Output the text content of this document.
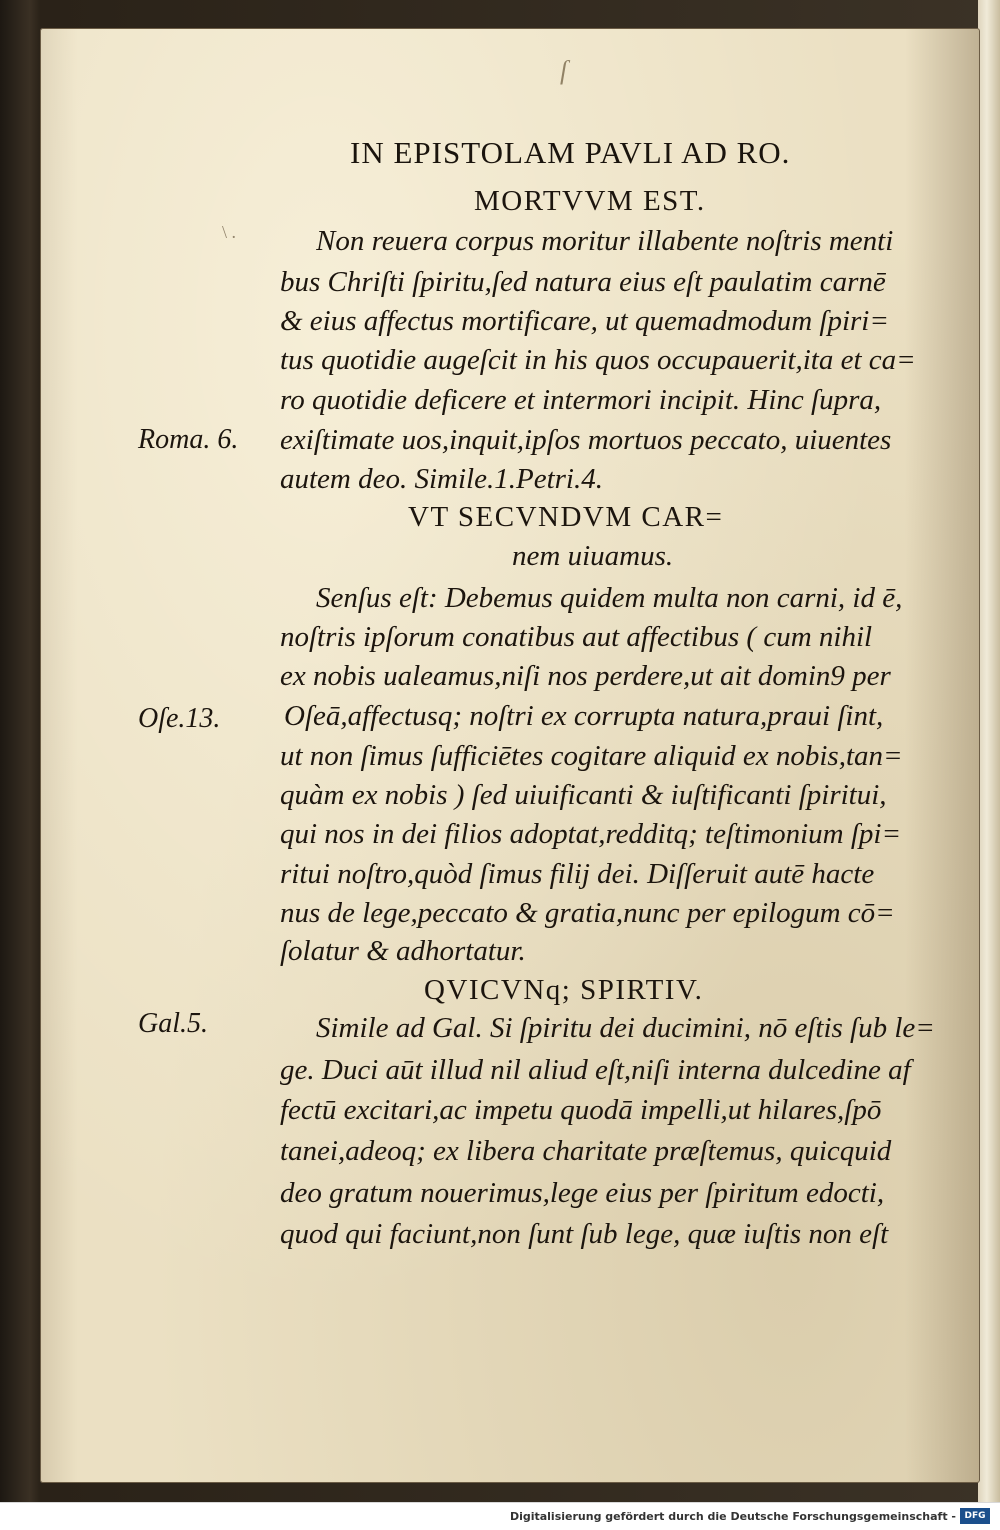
ſ
\ .
IN EPISTOLAM PAVLI AD RO.
MORTVVM EST.
Non reuera corpus moritur illabente noſtris menti
bus Chriſti ſpiritu,ſed natura eius eſt paulatim carnē
& eius affectus mortificare, ut quemadmodum ſpiri=
tus quotidie augeſcit in his quos occupauerit,ita et ca=
ro quotidie deficere et intermori incipit. Hinc ſupra,
Roma. 6. exiſtimate uos,inquit,ipſos mortuos peccato, uiuentes
autem deo. Simile.1.Petri.4.
VT SECVNDVM CAR=
nem uiuamus.
Senſus eſt: Debemus quidem multa non carni, id ē,
noſtris ipſorum conatibus aut affectibus ( cum nihil
ex nobis ualeamus,niſi nos perdere,ut ait domin9 per
Oſe.13. Oſeā,affectusq; noſtri ex corrupta natura,praui ſint,
ut non ſimus ſufficiētes cogitare aliquid ex nobis,tan=
quàm ex nobis ) ſed uiuificanti & iuſtificanti ſpiritui,
qui nos in dei filios adoptat,redditq; teſtimonium ſpi=
ritui noſtro,quòd ſimus filij dei. Diſſeruit autē hacte
nus de lege,peccato & gratia,nunc per epilogum cō=
ſolatur & adhortatur.
QVICVNq; SPIRTIV.
Gal.5.	Simile ad Gal. Si ſpiritu dei ducimini, nō eſtis ſub le=
ge. Duci aūt illud nil aliud eſt,niſi interna dulcedine af
fectū excitari,ac impetu quodā impelli,ut hilares,ſpō
tanei,adeoq; ex libera charitate præſtemus, quicquid
deo gratum nouerimus,lege eius per ſpiritum edocti,
quod qui faciunt,non ſunt ſub lege, quæ iuſtis non eſt
Digitalisierung gefördert durch die Deutsche Forschungsgemeinschaft - DFG
